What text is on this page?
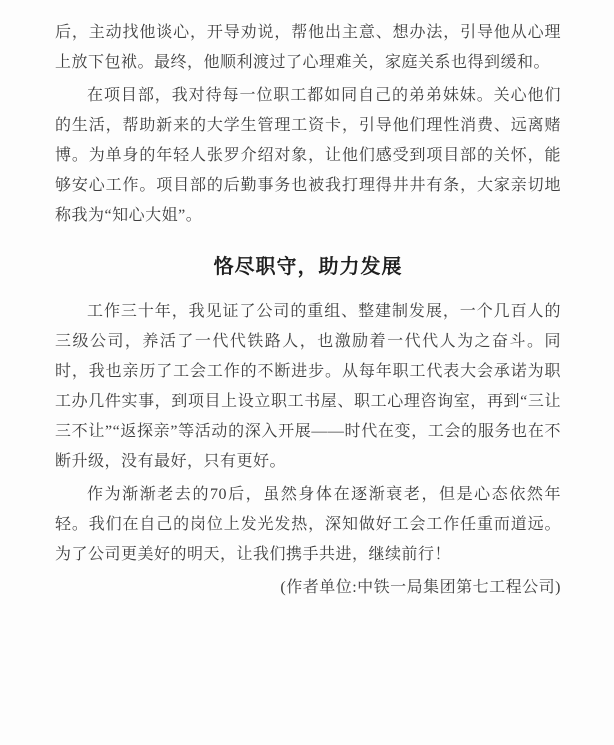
后，主动找他谈心，开导劝说，帮他出主意、想办法，引导他从心理上放下包袱。最终，他顺利渡过了心理难关，家庭关系也得到缓和。

在项目部，我对待每一位职工都如同自己的弟弟妹妹。关心他们的生活，帮助新来的大学生管理工资卡，引导他们理性消费、远离赌博。为单身的年轻人张罗介绍对象，让他们感受到项目部的关怀，能够安心工作。项目部的后勤事务也被我打理得井井有条，大家亲切地称我为“知心大姐”。

恪尽职守，助力发展

工作三十年，我见证了公司的重组、整建制发展，一个几百人的三级公司，养活了一代代铁路人，也激励着一代代人为之奋斗。同时，我也亲历了工会工作的不断进步。从每年职工代表大会承诺为职工办几件实事，到项目上设立职工书屋、职工心理咨询室，再到“三让三不让”“返探亲”等活动的深入开展——时代在变，工会的服务也在不断升级，没有最好，只有更好。

作为渐渐老去的70后，虽然身体在逐渐衰老，但是心态依然年轻。我们在自己的岗位上发光发热，深知做好工会工作任重而道远。为了公司更美好的明天，让我们携手共进，继续前行！

(作者单位:中铁一局集团第七工程公司)
